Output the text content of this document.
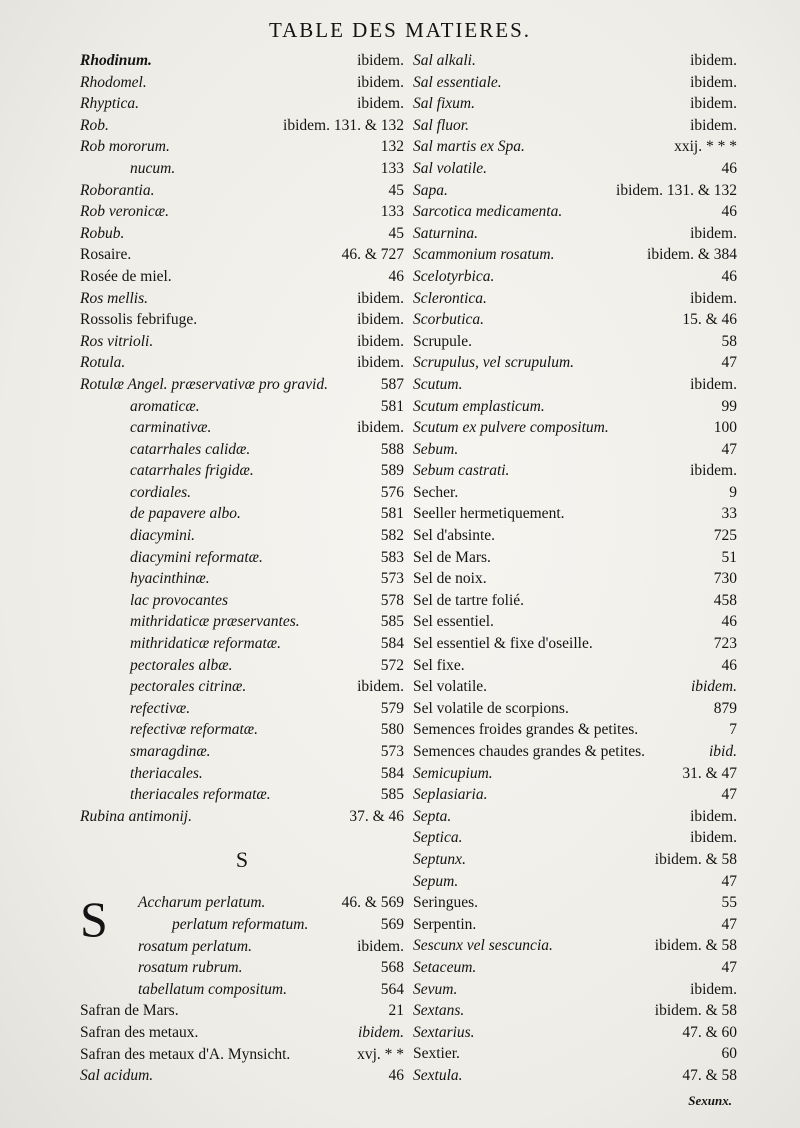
TABLE DES MATIERES.
Rhodinum.	ibidem.
Rhodomel.	ibidem.
Rhyptica.	ibidem.
Rob.	ibidem. 131. & 132
Rob mororum.	132
nucum.	133
Roborantia.	45
Rob veronicæ.	133
Robub.	45
Rosaire.	46. & 727
Rosée de miel.	46
Ros mellis.	ibidem.
Rossolis febrifuge.	ibidem.
Ros vitrioli.	ibidem.
Rotula.	ibidem.
Rotulæ Angel. præservativæ pro gravid.	587
aromaticæ.	581
carminativæ.	ibidem.
catarrhales calidæ.	588
catarrhales frigidæ.	589
cordiales.	576
de papavere albo.	581
diacymini.	582
diacymini reformatæ.	583
hyacinthinæ.	573
lac provocantes	578
mithridaticæ præservantes.	585
mithridaticæ reformatæ.	584
pectorales albæ.	572
pectorales citrinæ.	ibidem.
refectivæ.	579
refectivæ reformatæ.	580
smaragdinæ.	573
theriacales.	584
theriacales reformatæ.	585
Rubina antimonij.	37. & 46
S
S Accharum perlatum.	46. & 569
perlatum reformatum.	569
rosatum perlatum.	ibidem.
rosatum rubrum.	568
tabellatum compositum.	564
Safran de Mars.	21
Safran des metaux.	ibidem.
Safran des metaux d'A. Mynsicht.	xvj. * *
Sal acidum.	46
Sal alkali.	ibidem.
Sal essentiale.	ibidem.
Sal fixum.	ibidem.
Sal fluor.	ibidem.
Sal martis ex Spa.	xxij. * * *
Sal volatile.	46
Sapa.	ibidem. 131. & 132
Sarcotica medicamenta.	46
Saturnina.	ibidem.
Scammonium rosatum.	ibidem. & 384
Scelotyrbica.	46
Sclerontica.	ibidem.
Scorbutica.	15. & 46
Scrupule.	58
Scrupulus, vel scrupulum.	47
Scutum.	ibidem.
Scutum emplasticum.	99
Scutum ex pulvere compositum.	100
Sebum.	47
Sebum castrati.	ibidem.
Secher.	9
Seeller hermetiquement.	33
Sel d'absinte.	725
Sel de Mars.	51
Sel de noix.	730
Sel de tartre folié.	458
Sel essentiel.	46
Sel essentiel & fixe d'oseille.	723
Sel fixe.	46
Sel volatile.	ibidem.
Sel volatile de scorpions.	879
Semences froides grandes & petites.	7
Semences chaudes grandes & petites.	ibid.
Semicupium.	31. & 47
Seplasiaria.	47
Septa.	ibidem.
Septica.	ibidem.
Septunx.	ibidem. & 58
Sepum.	47
Seringues.	55
Serpentin.	47
Sescunx vel sescuncia.	ibidem. & 58
Setaceum.	47
Sevum.	ibidem.
Sextans.	ibidem. & 58
Sextarius.	47. & 60
Sextier.	60
Sextula.	47. & 58
Sexunx.
